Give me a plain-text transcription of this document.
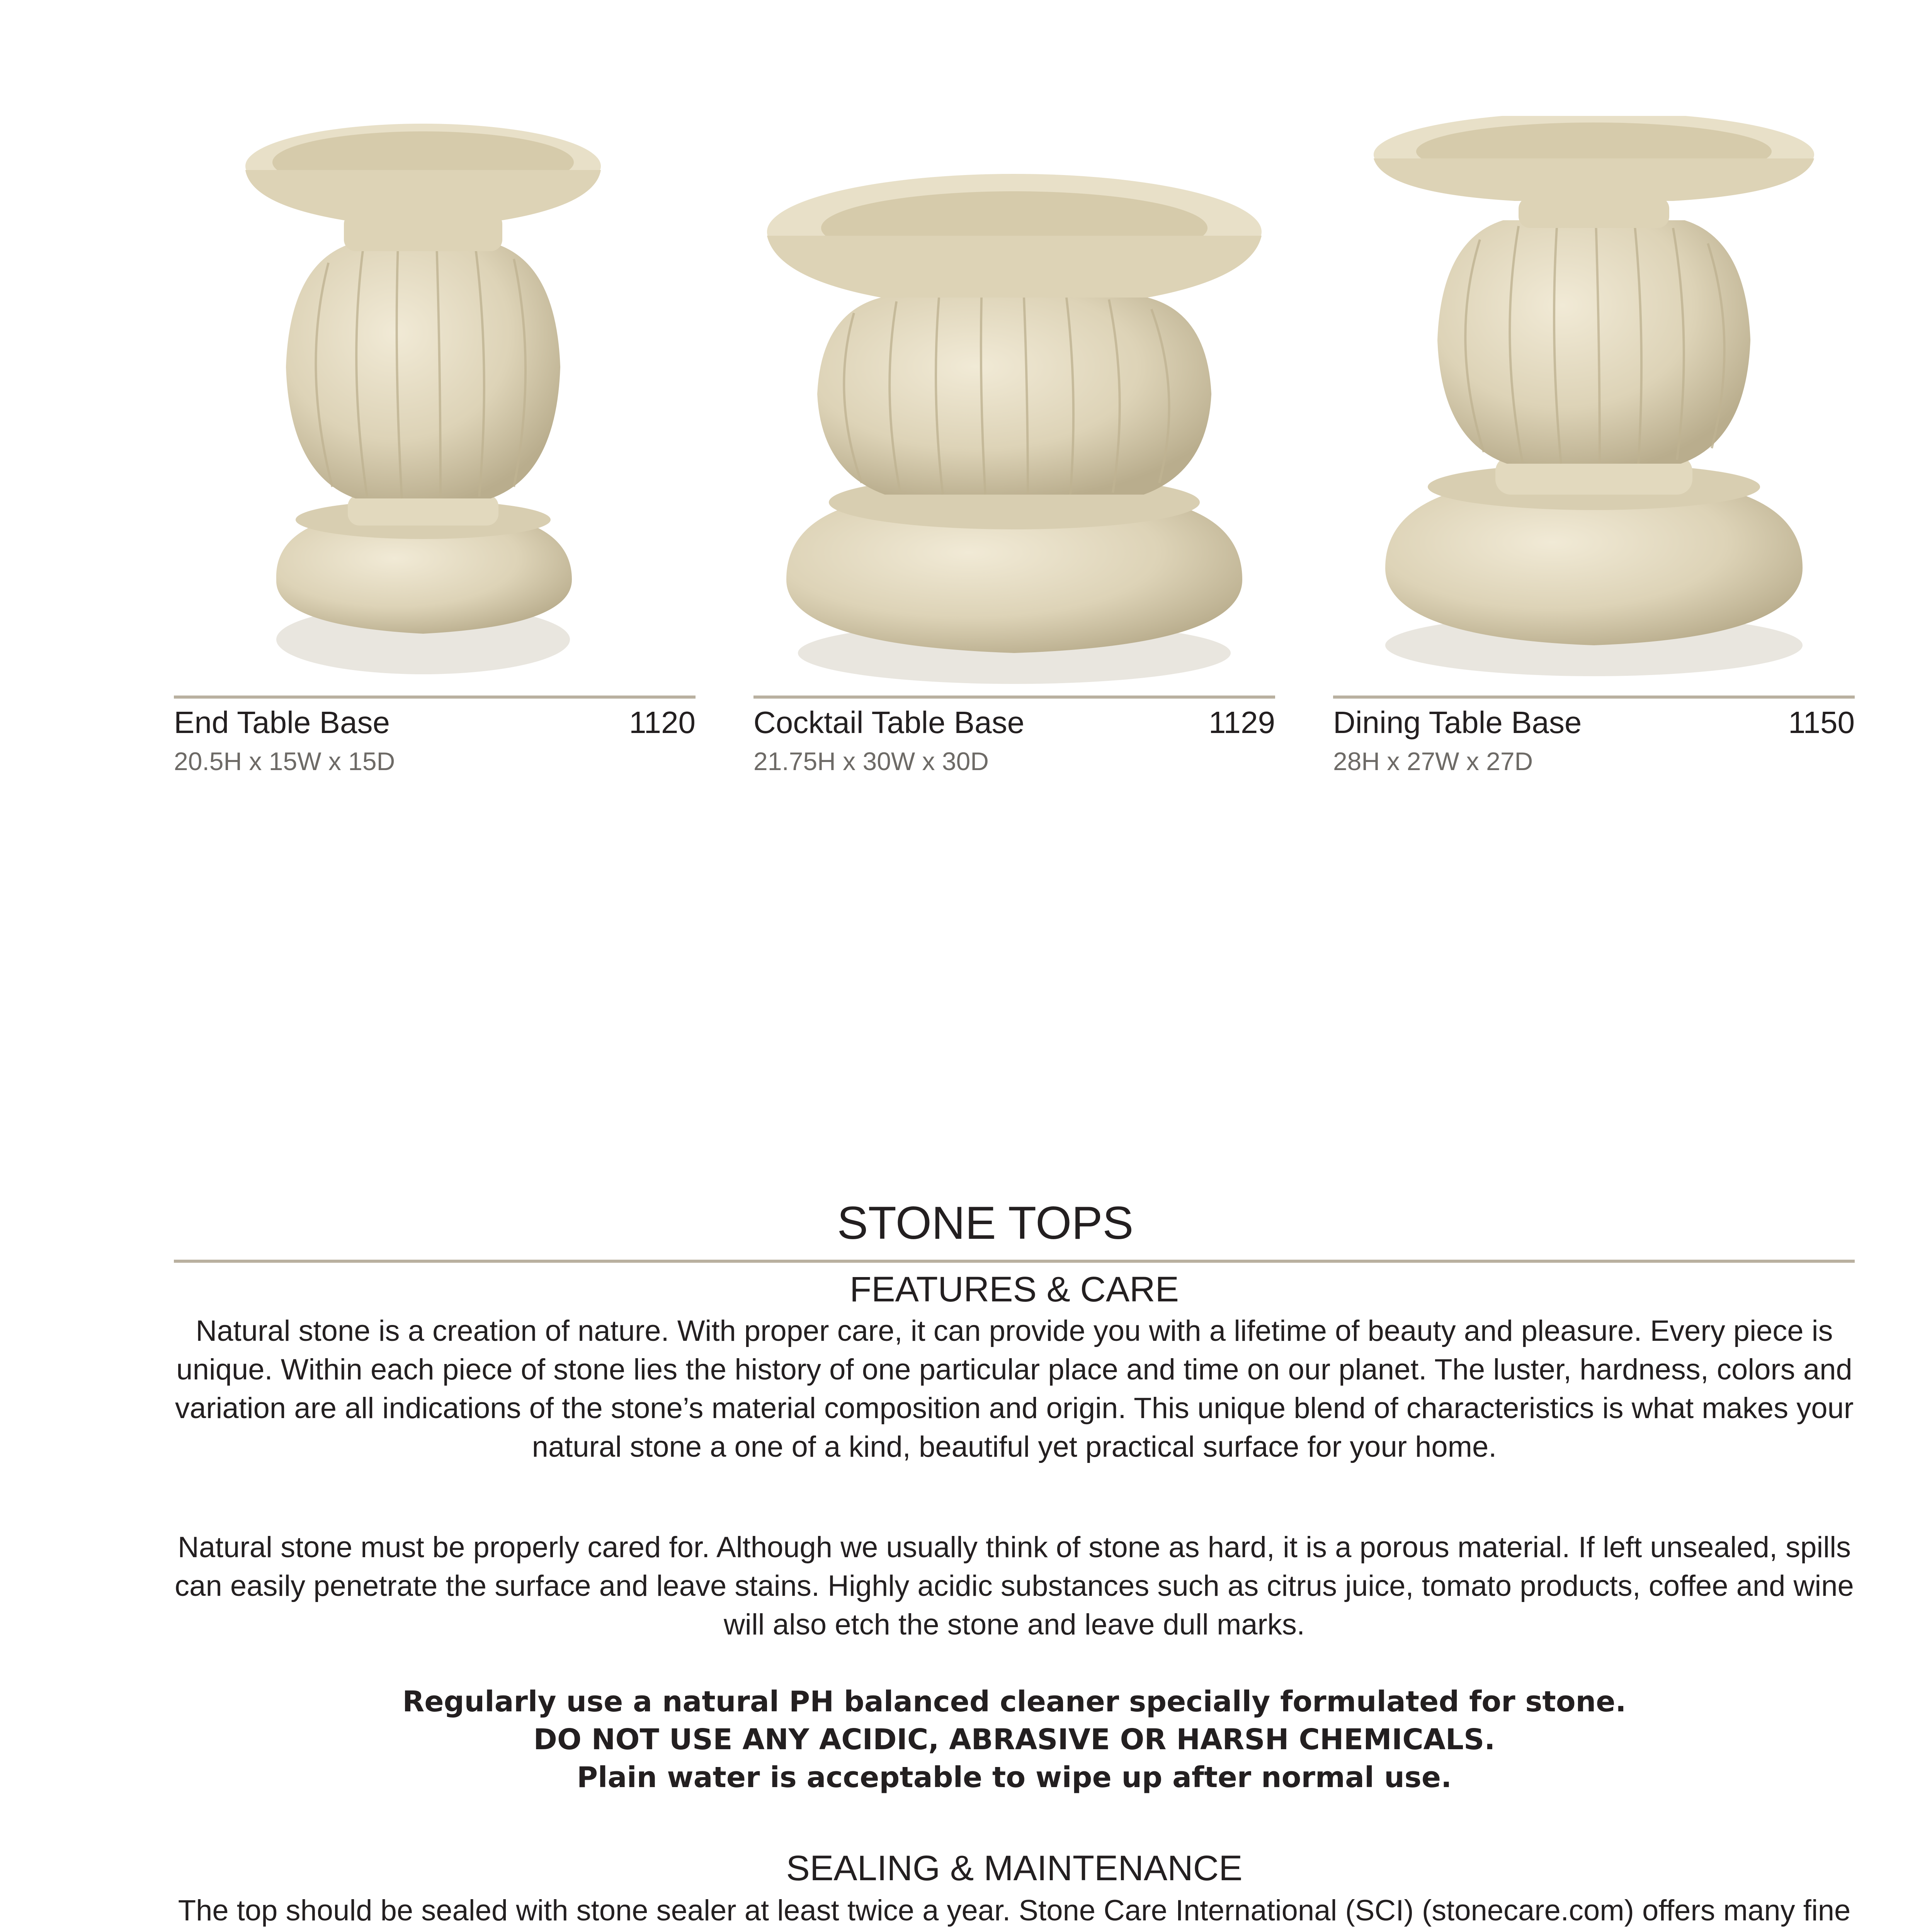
End Table Base	1120
20.5H x 15W x 15D
Cocktail Table Base	1129
21.75H x 30W x 30D
Dining Table Base	1150
28H x 27W x 27D
STONE TOPS
FEATURES & CARE
Natural stone is a creation of nature. With proper care, it can provide you with a lifetime of beauty and pleasure. Every piece is unique. Within each piece of stone lies the history of one particular place and time on our planet. The luster, hardness, colors and variation are all indications of the stone’s material composition and origin. This unique blend of characteristics is what makes your natural stone a one of a kind, beautiful yet practical surface for your home.
Natural stone must be properly cared for. Although we usually think of stone as hard, it is a porous material. If left unsealed, spills can easily penetrate the surface and leave stains. Highly acidic substances such as citrus juice, tomato products, coffee and wine will also etch the stone and leave dull marks.
Regularly use a natural PH balanced cleaner specially formulated for stone.
DO NOT USE ANY ACIDIC, ABRASIVE OR HARSH CHEMICALS.
Plain water is acceptable to wipe up after normal use.
SEALING & MAINTENANCE
The top should be sealed with stone sealer at least twice a year. Stone Care International (SCI) (stonecare.com) offers many fine
